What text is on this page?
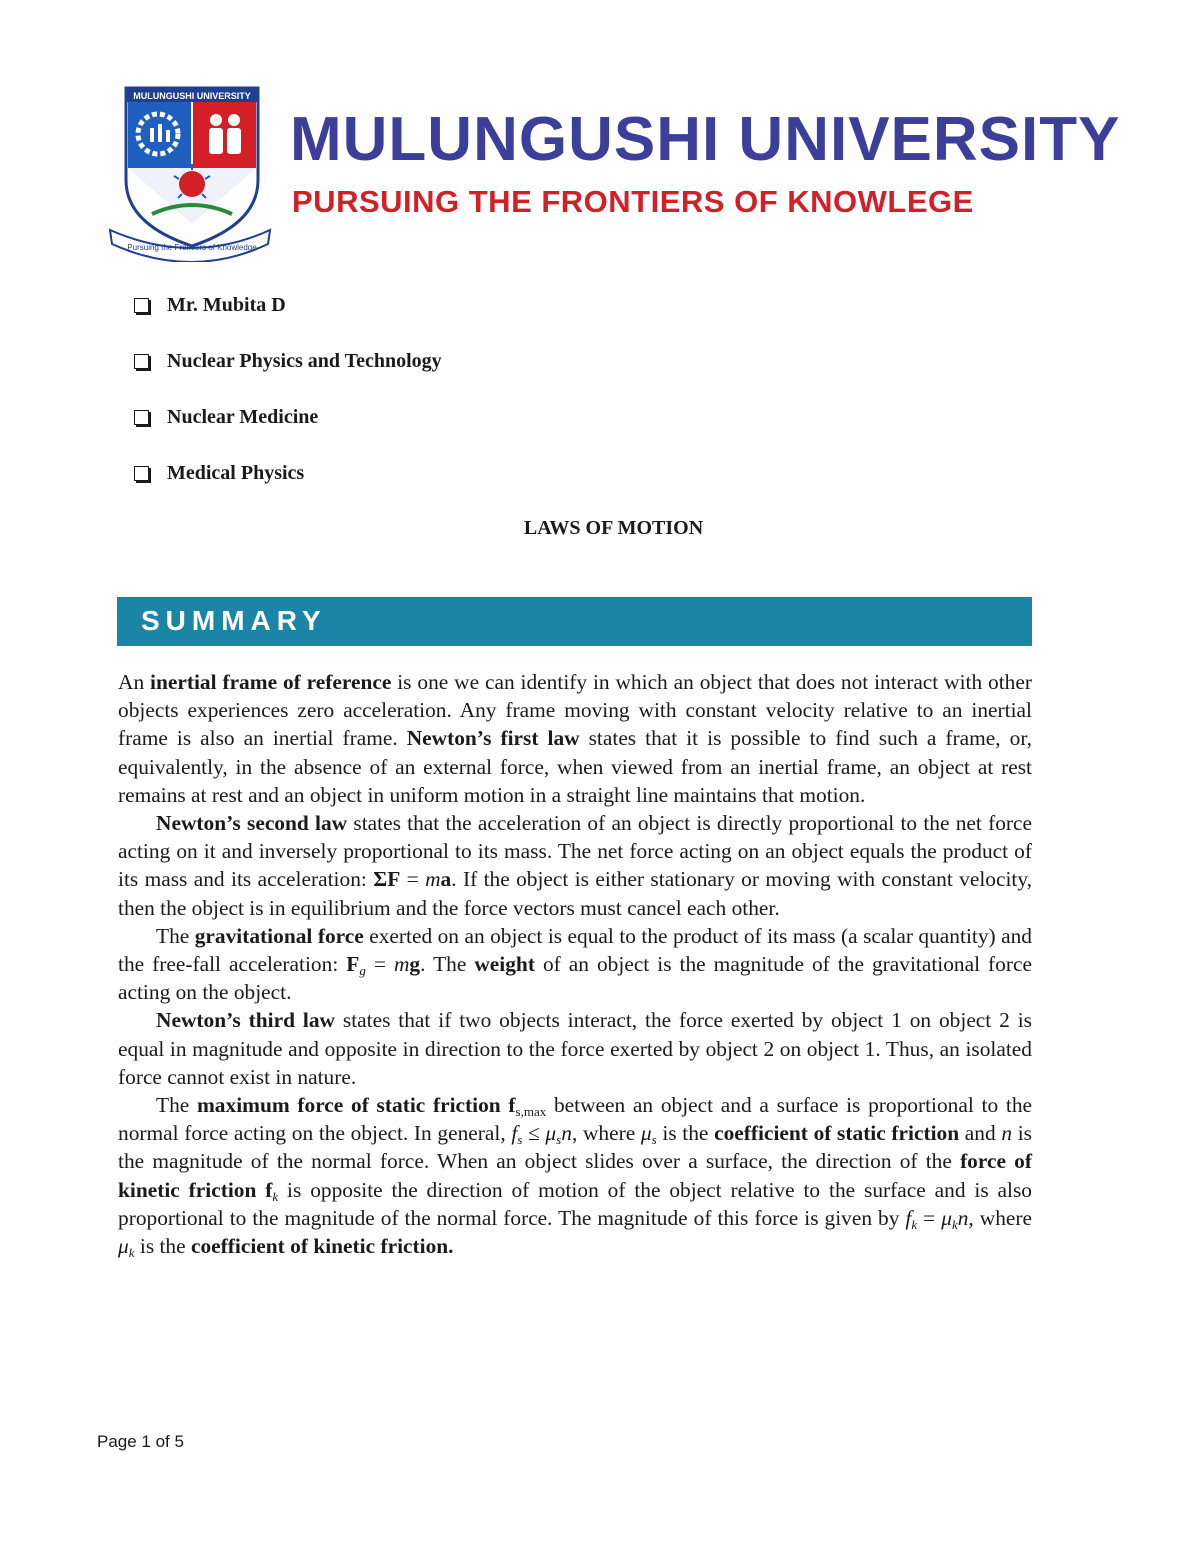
MULUNGUSHI UNIVERSITY
Pursuing the Frontiers of Knowledge
MULUNGUSHI UNIVERSITY

PURSUING THE FRONTIERS OF KNOWLEGE

Mr. Mubita D
Nuclear Physics and Technology
Nuclear Medicine
Medical Physics

LAWS OF MOTION

SUMMARY

An inertial frame of reference is one we can identify in which an object that does not interact with other objects experiences zero acceleration. Any frame moving with constant velocity relative to an inertial frame is also an inertial frame. Newton’s first law states that it is possible to find such a frame, or, equivalently, in the absence of an external force, when viewed from an inertial frame, an object at rest remains at rest and an object in uniform motion in a straight line maintains that motion.

Newton’s second law states that the acceleration of an object is directly proportional to the net force acting on it and inversely proportional to its mass. The net force acting on an object equals the product of its mass and its acceleration: ΣF = ma. If the object is either stationary or moving with constant velocity, then the object is in equilibrium and the force vectors must cancel each other.

The gravitational force exerted on an object is equal to the product of its mass (a scalar quantity) and the free-fall acceleration: $F_g$ = mg. The weight of an object is the magnitude of the gravitational force acting on the object.

Newton’s third law states that if two objects interact, the force exerted by object 1 on object 2 is equal in magnitude and opposite in direction to the force exerted by object 2 on object 1. Thus, an isolated force cannot exist in nature.

The maximum force of static friction $f_{s,max}$ between an object and a surface is proportional to the normal force acting on the object. In general, $f_s \le \mu_sn$, where $\mu_s$ is the coefficient of static friction and n is the magnitude of the normal force. When an object slides over a surface, the direction of the force of kinetic friction $f_k$ is opposite the direction of motion of the object relative to the surface and is also proportional to the magnitude of the normal force. The magnitude of this force is given by $f_k = \mu_kn$, where $\mu_k$ is the coefficient of kinetic friction.

Page 1 of 5
